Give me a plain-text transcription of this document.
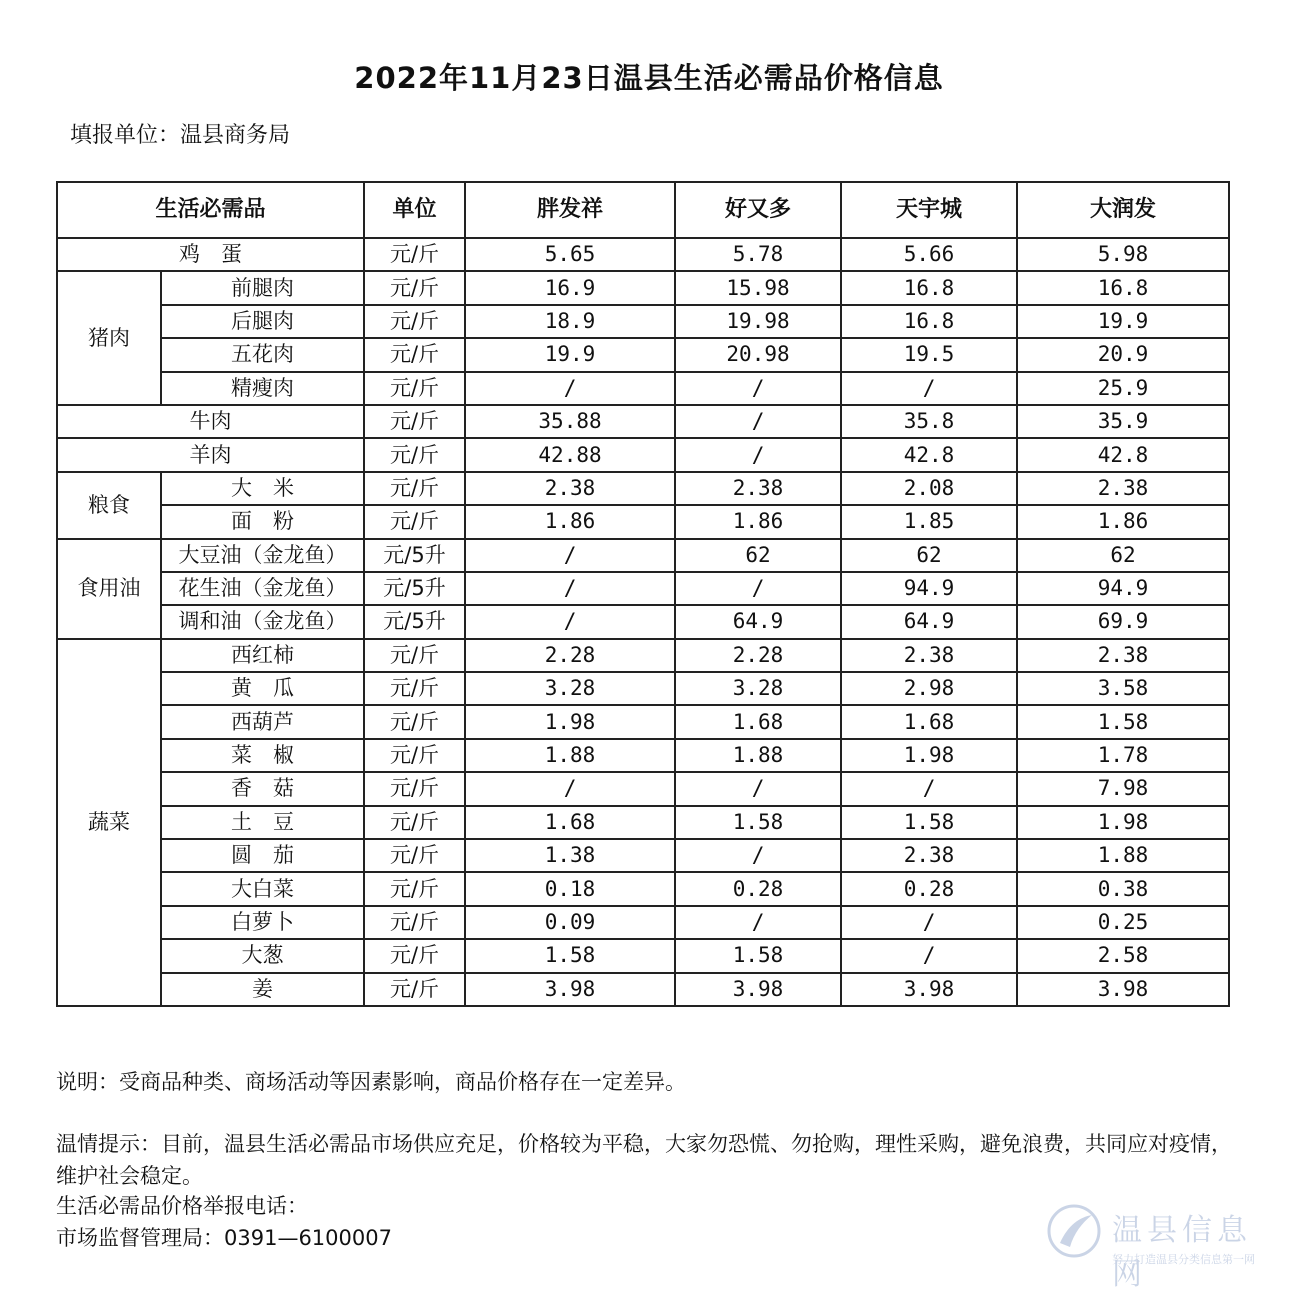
2022年11月23日温县生活必需品价格信息
填报单位：温县商务局
生活必需品		单位	胖发祥	好又多	天宇城	大润发
鸡　蛋		元/斤	5.65	5.78	5.66	5.98
猪肉	前腿肉	元/斤	16.9	15.98	16.8	16.8
	后腿肉	元/斤	18.9	19.98	16.8	19.9
	五花肉	元/斤	19.9	20.98	19.5	20.9
	精瘦肉	元/斤	/	/	/	25.9
牛肉		元/斤	35.88	/	35.8	35.9
羊肉		元/斤	42.88	/	42.8	42.8
粮食	大　米	元/斤	2.38	2.38	2.08	2.38
	面　粉	元/斤	1.86	1.86	1.85	1.86
食用油	大豆油（金龙鱼）	元/5升	/	62	62	62
	花生油（金龙鱼）	元/5升	/	/	94.9	94.9
	调和油（金龙鱼）	元/5升	/	64.9	64.9	69.9
蔬菜	西红柿	元/斤	2.28	2.28	2.38	2.38
	黄　瓜	元/斤	3.28	3.28	2.98	3.58
	西葫芦	元/斤	1.98	1.68	1.68	1.58
	菜　椒	元/斤	1.88	1.88	1.98	1.78
	香　菇	元/斤	/	/	/	7.98
	土　豆	元/斤	1.68	1.58	1.58	1.98
	圆　茄	元/斤	1.38	/	2.38	1.88
	大白菜	元/斤	0.18	0.28	0.28	0.38
	白萝卜	元/斤	0.09	/	/	0.25
	大葱	元/斤	1.58	1.58	/	2.58
	姜	元/斤	3.98	3.98	3.98	3.98
说明：受商品种类、商场活动等因素影响，商品价格存在一定差异。
温情提示：目前，温县生活必需品市场供应充足，价格较为平稳，大家勿恐慌、勿抢购，理性采购，避免浪费，共同应对疫情，维护社会稳定。
生活必需品价格举报电话：
市场监督管理局：0391—6100007	温县信息网
努力打造温县分类信息第一网
